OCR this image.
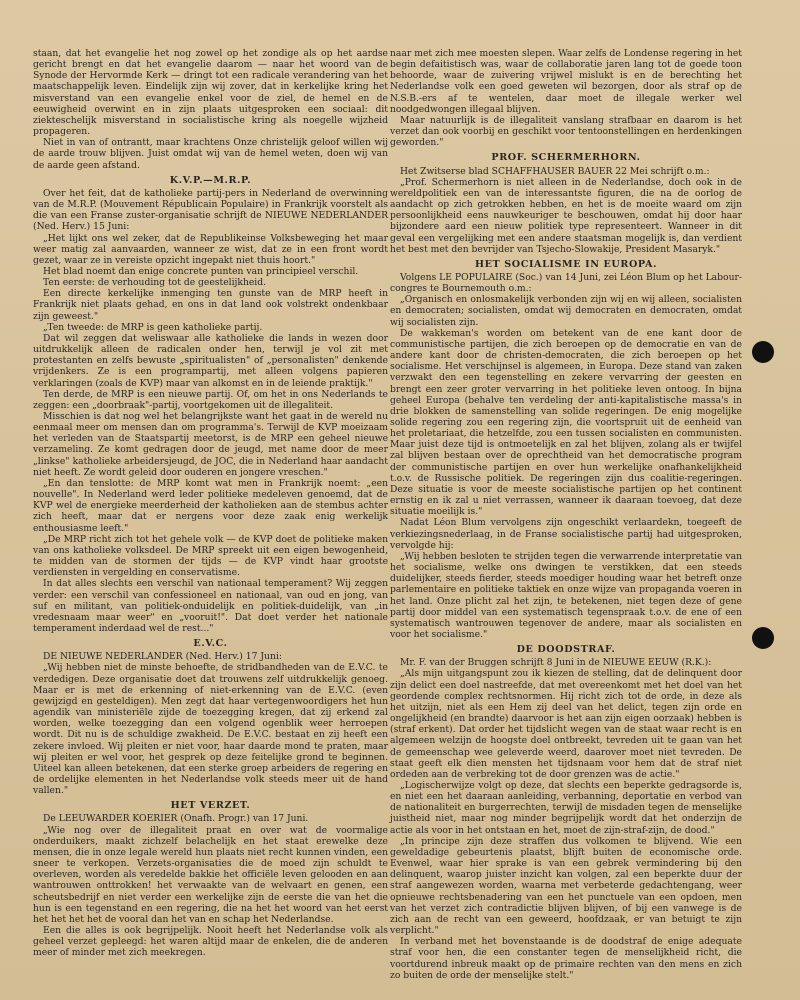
staan, dat het evangelie het nog zowel op het zondige als op het aardse gericht brengt en dat het evangelie daarom — naar het woord van de Synode der Hervormde Kerk — dringt tot een radicale verandering van het maatschappelijk leven. Eindelijk zijn wij zover, dat in kerkelijke kring het misverstand van een evangelie enkel voor de ziel, de hemel en de eeuwigheid overwint en in zijn plaats uitgesproken een sociaal: dit ziekteschelijk misverstand in socialistische kring als noegelle wijzheid propageren.

Niet in van of ontrantt, maar krachtens Onze christelijk geloof willen wij de aarde trouw blijven. Juist omdat wij van de hemel weten, doen wij van de aarde geen afstand.

K.V.P.—M.R.P.

Over het feit, dat de katholieke partij-pers in Nederland de overwinning van de M.R.P. (Mouvement Républicain Populaire) in Frankrijk voorstelt als die van een Franse zuster-organisatie schrijft de NIEUWE NEDERLANDER (Ned. Herv.) 15 Juni:

„Het lijkt ons wel zeker, dat de Republikeinse Volksbeweging het maar weer matig zal aanvaarden, wanneer ze wist, dat ze in een front wordt gezet, waar ze in vereiste opzicht ingepakt niet thuis hoort."

Het blad noemt dan enige concrete punten van principieel verschil.

Ten eerste: de verhouding tot de geestelijkheid.

Een directe kerkelijke inmenging ten gunste van de MRP heeft in Frankrijk niet plaats gehad, en ons in dat land ook volstrekt ondenkbaar zijn geweest."

„Ten tweede: de MRP is geen katholieke partij.

Dat wil zeggen dat weliswaar alle katholieke die lands in wezen door uitdrukkelijk alleen de radicalen onder hen, terwijl je vol zit met protestanten en zelfs bewuste „spiritualisten" of „personalisten" denkende vrijdenkers. Ze is een programpartij, met alleen volgens papieren verklaringen (zoals de KVP) maar van alkomst en in de leiende praktijk."

Ten derde, de MRP is een nieuwe partij. Of, om het in ons Nederlands te zeggen: een „doorbraak"-partij, voortgekomen uit de illegaliteit.

Misschien is dat nog wel het belangrijkste want het gaat in de wereld nu eenmaal meer om mensen dan om programma's. Terwijl de KVP moeizaam het verleden van de Staatspartij meetorst, is de MRP een geheel nieuwe verzameling. Ze komt gedragen door de jeugd, met name door de meer „linkse" katholieke arbeidersjeugd, de JOC, die in Nederland haar aandacht niet heeft. Ze wordt geleid door ouderen en jongere vreschen."

„En dan tenslotte: de MRP komt wat men in Frankrijk noemt: „een nouvelle". In Nederland werd leder politieke medeleven genoemd, dat de KVP wel de energieke meerderheid der katholieken aan de stembus achter zich heeft, maar dat er nergens voor deze zaak enig werkelijk enthousiasme leeft."

„De MRP richt zich tot het gehele volk — de KVP doet de politieke maken van ons katholieke volksdeel. De MRP spreekt uit een eigen bewogenheid, te midden van de stormen der tijds — de KVP vindt haar grootste verdiensten in vergelding en conservatisme.

In dat alles slechts een verschil van nationaal temperament? Wij zeggen verder: een verschil van confessioneel en nationaal, van oud en jong, van suf en militant, van politiek-onduidelijk en politiek-duidelijk, van „in vredesnaam maar weer" en „vooruit!". Dat doet verder het nationale temperament inderdaad wel de rest..."

E.V.C.

DE NIEUWE NEDERLANDER (Ned. Herv.) 17 Juni:

„Wij hebben niet de minste behoefte, de stridbandheden van de E.V.C. te verdedigen. Deze organisatie doet dat trouwens zelf uitdrukkelijk genoeg. Maar er is met de erkenning of niet-erkenning van de E.V.C. (even gewijzigd en gesteldigen). Men zegt dat haar vertegenwoordigers het hun agendik van ministeriële zijde de toezegging kregen, dat zij erkend zal worden, welke toezegging dan een volgend ogenblik weer herroepen wordt. Dit nu is de schuldige zwakheid. De E.V.C. bestaat en zij heeft een zekere invloed. Wij pleiten er niet voor, haar daarde mond te praten, maar wij pleiten er wel voor, het gesprek op deze feitelijke grond te beginnen. Uiteel kan alleen betekenen, dat een sterke groep arbeiders de regering en de ordelijke elementen in het Nederlandse volk steeds meer uit de hand vallen."

HET VERZET.

De LEEUWARDER KOERIER (Onafh. Progr.) van 17 Juni.

„Wie nog over de illegaliteit praat en over wat de voormalige onderduikers, maakt zichzelf belachelijk en het staat erewelke deze mensen, die in onze legale wereld hun plaats niet recht kunnen vinden, een sneer te verkopen. Verzets-organisaties die de moed zijn schuldt te overleven, worden als veredelde bakkie het officiële leven gelooden en aan wantrouwen onttrokken! het verwaakte van de welvaart en genen, een scheutsbedrijf en niet verder een werkelijke zijn de eerste die van het die hun is een tegenstand en een regering, die na het het woord van het eerst het het het het de vooral dan het van en schap het Nederlandse.

Een die alles is ook begrijpelijk. Nooit heeft het Nederlandse volk als geheel verzet gepleegd: het waren altijd maar de enkelen, die de anderen meer of minder met zich meekregen.

naar met zich mee moesten slepen. Waar zelfs de Londense regering in het begin defaitistisch was, waar de collaboratie jaren lang tot de goede toon behoorde, waar de zuivering vrijwel mislukt is en de berechting het Nederlandse volk een goed geweten wil bezorgen, door als straf op de N.S.B.-ers af te wentelen, daar moet de illegale werker wel noodgedwongen illegaal blijven.

Maar natuurlijk is de illegaliteit vanslang strafbaar en daarom is het verzet dan ook voorbij en geschikt voor tentoonstellingen en herdenkingen geworden."

PROF. SCHERMERHORN.

Het Zwitserse blad SCHAFFHAUSER BAUER 22 Mei schrijft o.m.:

„Prof. Schermerhorn is niet alleen in de Nederlandse, doch ook in de wereldpolitiek een van de interessantste figuren, die na de oorlog de aandacht op zich getrokken hebben, en het is de moeite waard om zijn persoonlijkheid eens nauwkeuriger te beschouwen, omdat hij door haar bijzondere aard een nieuw politiek type representeert. Wanneer in dit geval een vergelijking met een andere staatsman mogelijk is, dan verdient het best met den bevrijder van Tsjecho-Slowakije, President Masaryk."

HET SOCIALISME IN EUROPA.

Volgens LE POPULAIRE (Soc.) van 14 Juni, zei Léon Blum op het Labour-congres te Bournemouth o.m.:

„Organisch en onlosmakelijk verbonden zijn wij en wij alleen, socialisten en democraten; socialisten, omdat wij democraten en democraten, omdat wij socialisten zijn.

De wakkeman's worden om betekent van de ene kant door de communistische partijen, die zich beroepen op de democratie en van de andere kant door de christen-democraten, die zich beroepen op het socialisme. Het verschijnsel is algemeen, in Europa. Deze stand van zaken verzwakt den een tegenstelling en zekere vervarring der geesten en brengt een zeer groter vervarring in het politieke leven ontoog. In bijna geheel Europa (behalve ten verdeling der anti-kapitalistische massa's in drie blokken de samenstelling van solide regeringen. De enig mogelijke solide regering zou een regering zijn, die voortspruit uit de eenheid van het proletariaat, die hetzelfde, zou een tussen socialisten en communisten. Maar juist deze tijd is ontmoetelijk en zal het blijven, zolang als er twijfel zal blijven bestaan over de oprechtheid van het democratische program der communistische partijen en over hun werkelijke onafhankelijkheid t.o.v. de Russische politiek. De regeringen zijn dus coalitie-regeringen. Deze situatie is voor de meeste socialistische partijen op het continent ernstig en ik zal u niet verrassen, wanneer ik daaraan toevoeg, dat deze situatie moeilijk is."

Nadat Léon Blum vervolgens zijn ongeschikt verlaardekn, toegeeft de verkiezingsnederlaag, in de Franse socialistische partij had uitgesproken, vervolgde hij:

„Wij hebben besloten te strijden tegen die verwarrende interpretatie van het socialisme, welke ons dwingen te verstikken, dat een steeds duidelijker, steeds fierder, steeds moediger houding waar het betreft onze parlementaire en politieke taktiek en onze wijze van propaganda voeren in het land. Onze plicht zal het zijn, te betekenen, niet tegen deze of gene partij door middel van een systematisch tegenspraak t.o.v. de ene of een systematisch wantrouwen tegenover de andere, maar als socialisten en voor het socialisme."

DE DOODSTRAF.

Mr. F. van der Bruggen schrijft 8 Juni in de NIEUWE EEUW (R.K.):

„Als mijn uitgangspunt zou ik kiezen de stelling, dat de delinquent door zijn delict een doel nastreefde, dat met overeenkomt met het doel van het geordende complex rechtsnormen. Hij richt zich tot de orde, in deze als het uitzijn, niet als een Hem zij deel van het delict, tegen zijn orde en ongelijkheid (en brandte) daarvoor is het aan zijn eigen oorzaak) hebben is (straf erkent). Dat order het tijdslicht wegen van de staat waar recht is en algemeen welzijn de hoogste doel ontbreekt, tevreden uit te gaan van het de gemeenschap wee geleverde weerd, daarover moet niet tevreden. De staat geeft elk dien mensten het tijdsnaam voor hem dat de straf niet ordeden aan de verbreking tot de door grenzen was de actie."

„Logischerwijze volgt op deze, dat slechts een beperkte gedragsorde is, en niet een het daaraan aanleiding, verbanning, deportatie en verbod van de nationaliteit en burgerrechten, terwijl de misdaden tegen de menselijke juistheid niet, maar nog minder begrijpelijk wordt dat het onderzijn de actie als voor in het ontstaan en het, moet de zijn-straf-zijn, de dood."

„In principe zijn deze straffen dus volkomen te blijvend. Wie een geweldadige gebeurtenis plaatst, blijft buiten de economische orde. Evenwel, waar hier sprake is van een gebrek vermindering bij den delinquent, waarop juister inzicht kan volgen, zal een beperkte duur der straf aangewezen worden, waarna met verbeterde gedachtengang, weer opnieuwe rechtsbenadering van een het punctuele van een opdoen, men van het verzet zich contradictie blijven blijven, of bij een vanwege is de zich aan de recht van een geweerd, hoofdzaak, er van betuigt te zijn verplicht."

In verband met het bovenstaande is de doodstraf de enige adequate straf voor hen, die een constanter tegen de menselijkheid richt, die voortdurend inbreuk maakt op de primaire rechten van den mens en zich zo buiten de orde der menselijke stelt."
